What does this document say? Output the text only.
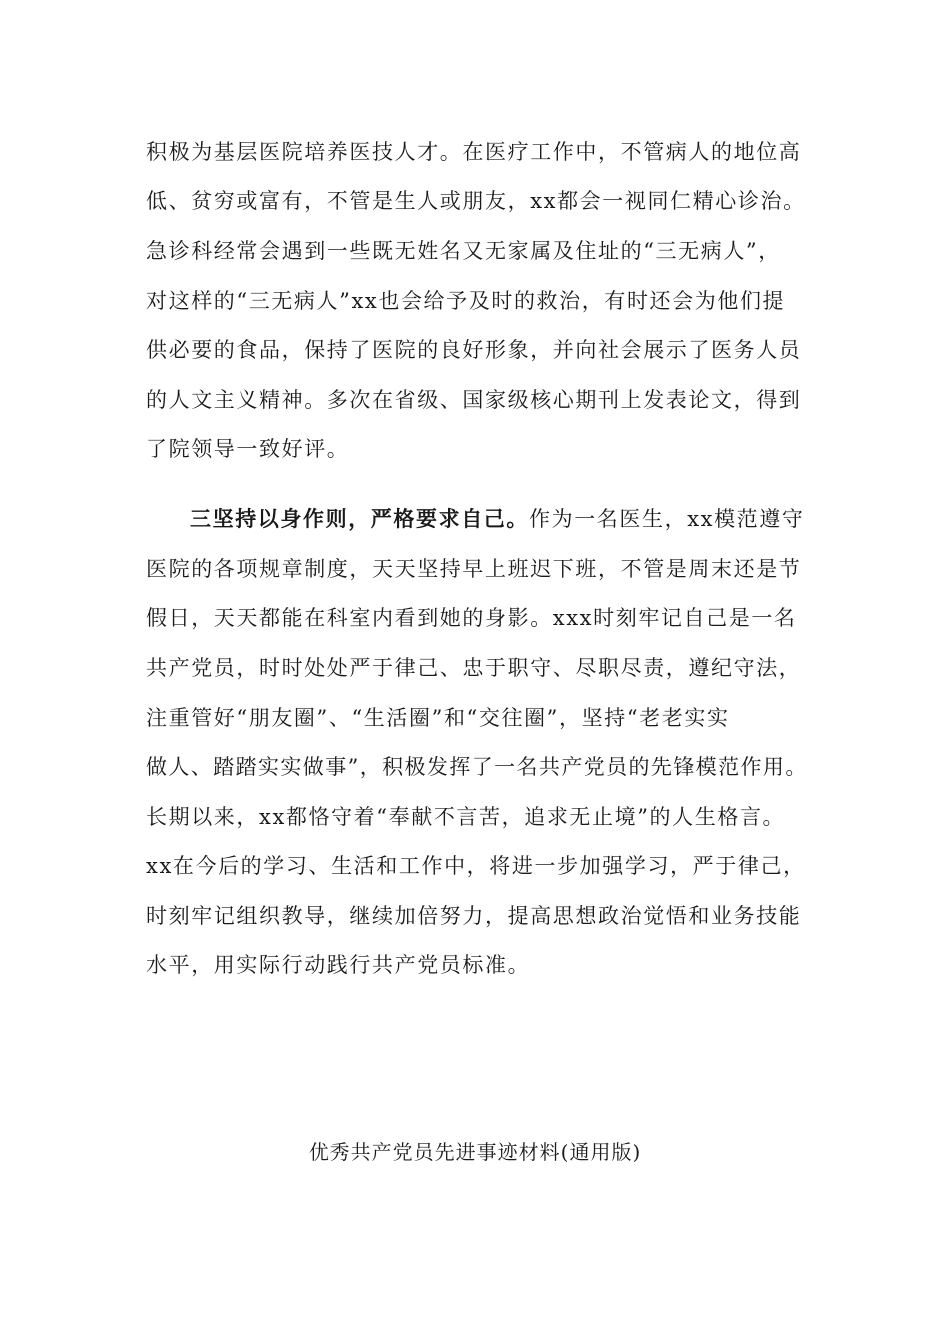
积极为基层医院培养医技人才。在医疗工作中，不管病人的地位高
低、贫穷或富有，不管是生人或朋友，xx都会一视同仁精心诊治。
急诊科经常会遇到一些既无姓名又无家属及住址的“三无病人”，
对这样的“三无病人”xx也会给予及时的救治，有时还会为他们提
供必要的食品，保持了医院的良好形象，并向社会展示了医务人员
的人文主义精神。多次在省级、国家级核心期刊上发表论文，得到
了院领导一致好评。
三坚持以身作则，严格要求自己。作为一名医生，xx模范遵守
医院的各项规章制度，天天坚持早上班迟下班，不管是周末还是节
假日，天天都能在科室内看到她的身影。xxx时刻牢记自己是一名
共产党员，时时处处严于律己、忠于职守、尽职尽责，遵纪守法，
注重管好“朋友圈”、“生活圈”和“交往圈”，坚持“老老实实
做人、踏踏实实做事”，积极发挥了一名共产党员的先锋模范作用。
长期以来，xx都恪守着“奉献不言苦，追求无止境”的人生格言。
xx在今后的学习、生活和工作中，将进一步加强学习，严于律己，
时刻牢记组织教导，继续加倍努力，提高思想政治觉悟和业务技能
水平，用实际行动践行共产党员标准。
优秀共产党员先进事迹材料(通用版)
